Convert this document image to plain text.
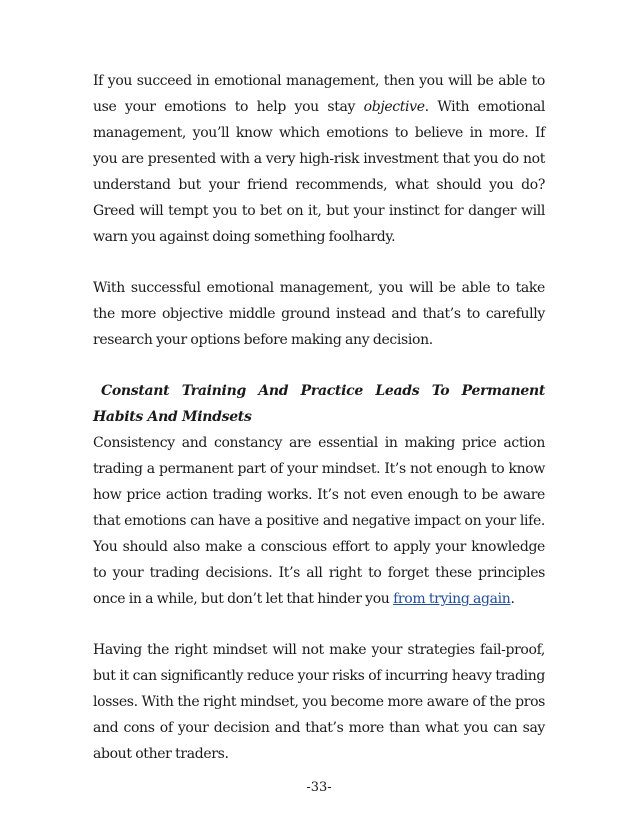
If you succeed in emotional management, then you will be able to use your emotions to help you stay objective. With emotional management, you’ll know which emotions to believe in more. If you are presented with a very high-risk investment that you do not understand but your friend recommends, what should you do? Greed will tempt you to bet on it, but your instinct for danger will warn you against doing something foolhardy.

With successful emotional management, you will be able to take the more objective middle ground instead and that’s to carefully research your options before making any decision.

Constant Training And Practice Leads To Permanent Habits And Mindsets

Consistency and constancy are essential in making price action trading a permanent part of your mindset. It’s not enough to know how price action trading works. It’s not even enough to be aware that emotions can have a positive and negative impact on your life. You should also make a conscious effort to apply your knowledge to your trading decisions. It’s all right to forget these principles once in a while, but don’t let that hinder you from trying again.

Having the right mindset will not make your strategies fail-proof, but it can significantly reduce your risks of incurring heavy trading losses. With the right mindset, you become more aware of the pros and cons of your decision and that’s more than what you can say about other traders.

-33-
